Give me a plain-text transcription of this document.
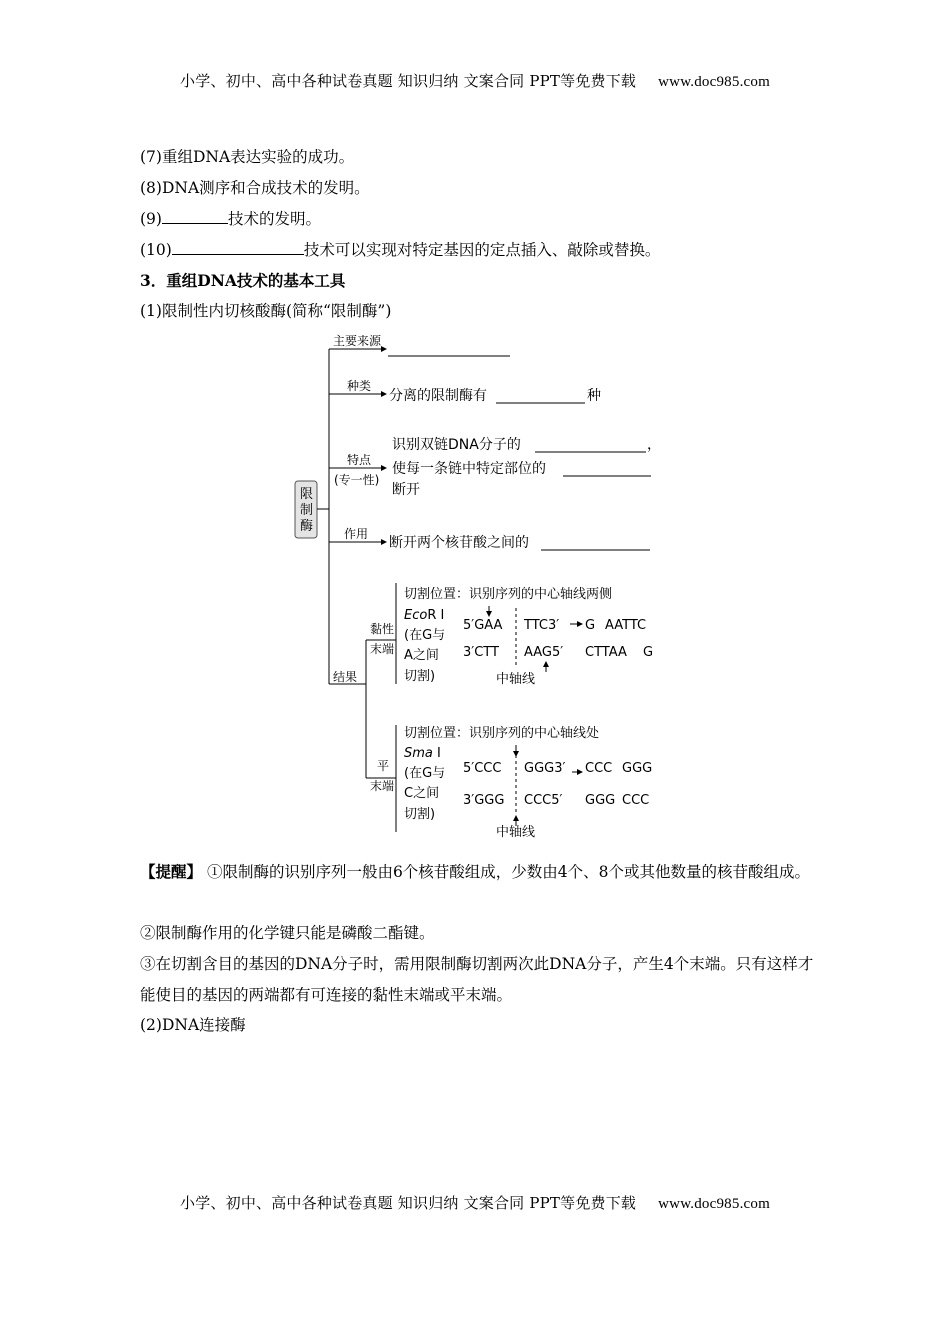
小学、初中、高中各种试卷真题 知识归纳 文案合同 PPT等免费下载 www.doc985.com
(7)重组DNA表达实验的成功。
(8)DNA测序和合成技术的发明。
(9)	技术的发明。
(10)	技术可以实现对特定基因的定点插入、敲除或替换。
3．重组DNA技术的基本工具
(1)限制性内切核酸酶(简称“限制酶”)
限
制
酶
主要来源
种类
分离的限制酶有	种
特点
(专一性)
识别双链DNA分子的	，
使每一条链中特定部位的
断开
作用
断开两个核苷酸之间的
结果
黏性
末端
切割位置：识别序列的中心轴线两侧
EcoR Ⅰ
(在G与
A之间
切割)
5′GAA TTC3′ G AATTC
3′CTT AAG5′ CTTAA G
中轴线
平
末端
切割位置：识别序列的中心轴线处
Sma Ⅰ
(在G与
C之间
切割)
5′CCC GGG3′ CCC GGG
3′GGG CCC5′ GGG CCC
中轴线
【提醒】 ①限制酶的识别序列一般由6个核苷酸组成，少数由4个、8个或其他数量的核苷酸组成。
②限制酶作用的化学键只能是磷酸二酯键。
③在切割含目的基因的DNA分子时，需用限制酶切割两次此DNA分子，产生4个末端。只有这样才能使目的基因的两端都有可连接的黏性末端或平末端。
(2)DNA连接酶
小学、初中、高中各种试卷真题 知识归纳 文案合同 PPT等免费下载 www.doc985.com
